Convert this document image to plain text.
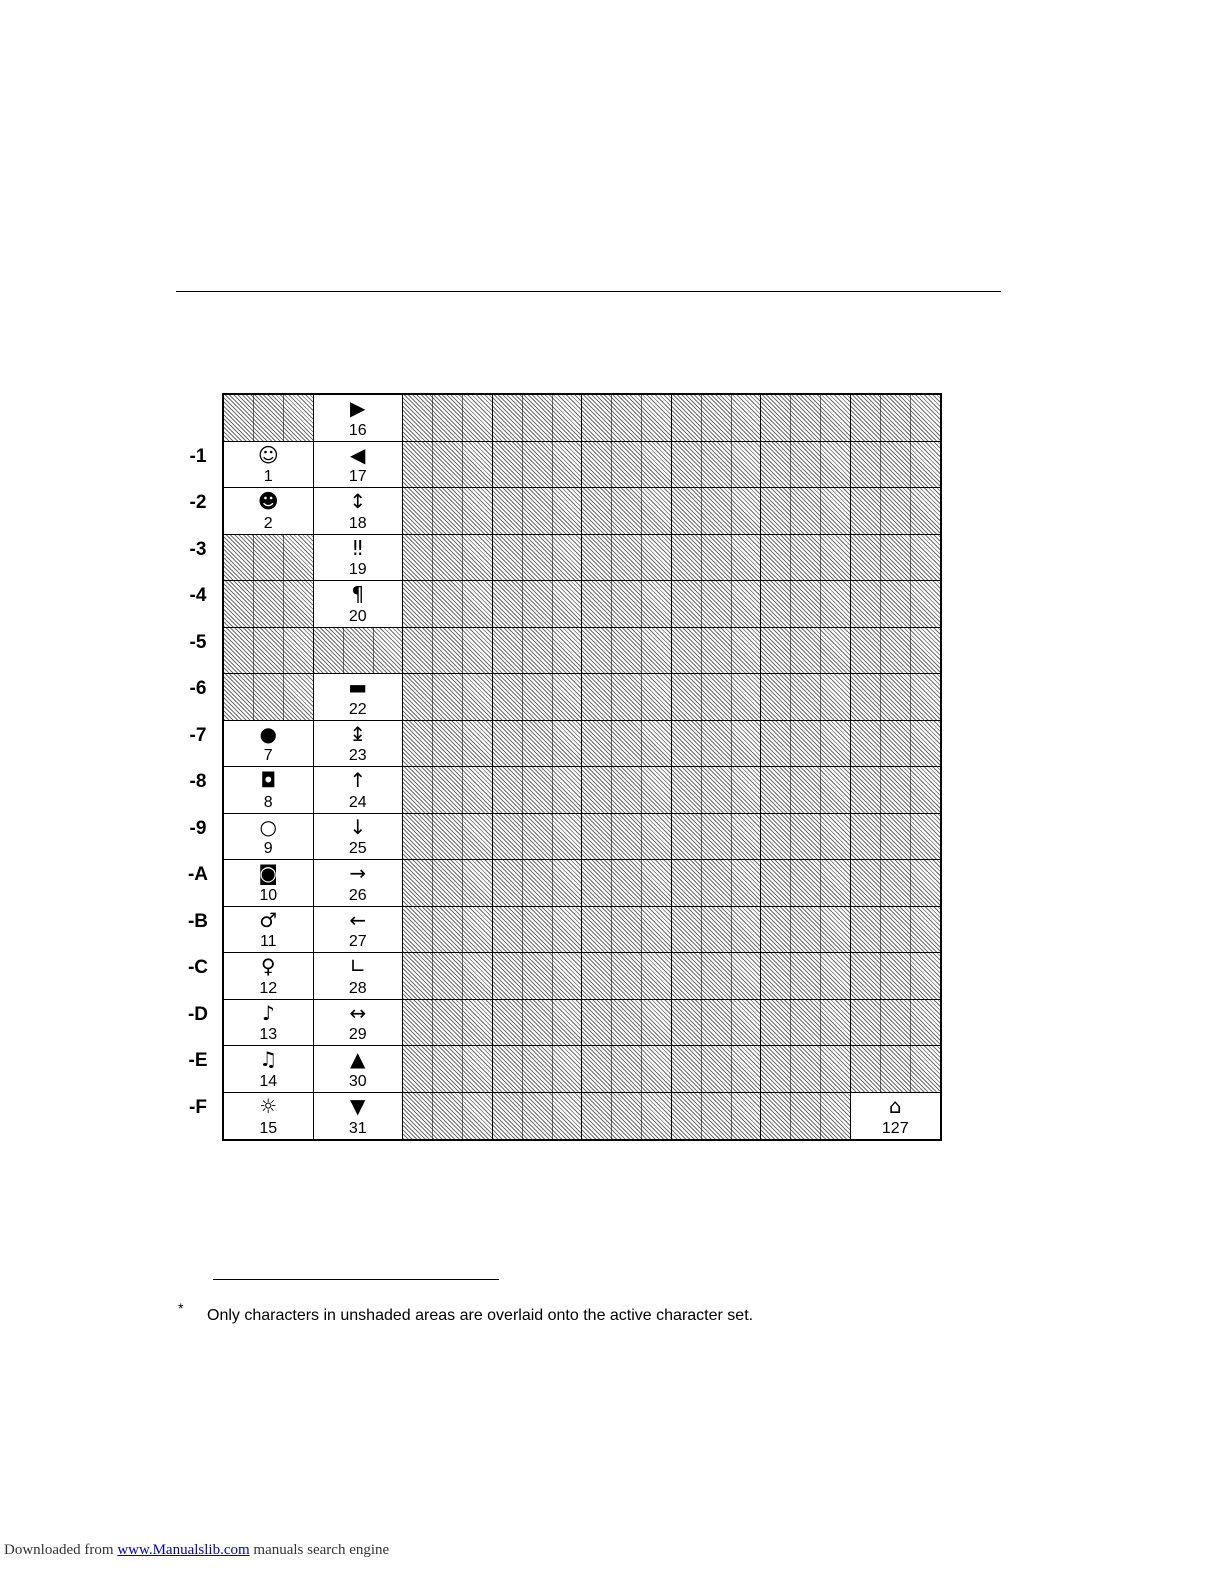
-1
-2
-3
-4
-5
-6
-7
-8
-9
-A
-B
-C
-D
-E
-F
▶
16
☺
1
◀
17
☻
2
↕
18
‼
19
¶
20
▬
22
●
7
↨
23
◘
8
↑
24
○
9
↓
25
◙
10
→
26
♂
11
←
27
♀
12
∟
28
♪
13
↔
29
♫
14
▲
30
☼
15
▼
31
⌂
127
* Only characters in unshaded areas are overlaid onto the active character set.
Downloaded from www.Manualslib.com manuals search engine
